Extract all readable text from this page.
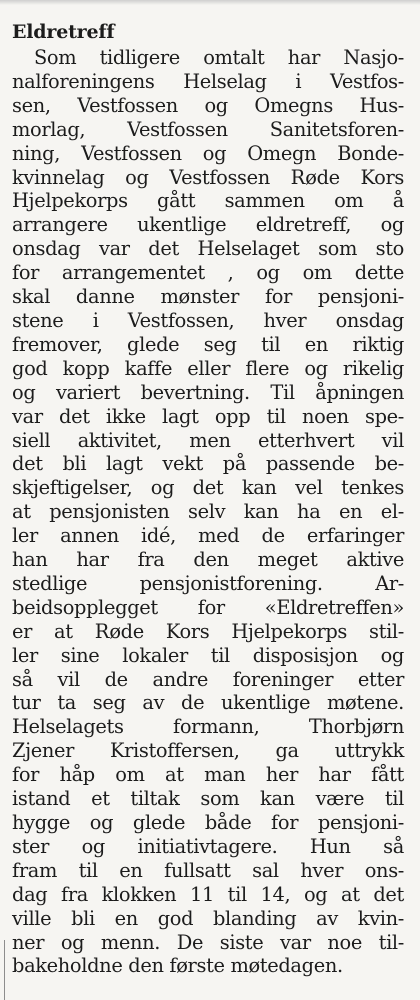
Eldretreff
Som tidligere omtalt har Nasjo-
nalforeningens Helselag i Vestfos-
sen, Vestfossen og Omegns Hus-
morlag, Vestfossen Sanitetsforen-
ning, Vestfossen og Omegn Bonde-
kvinnelag og Vestfossen Røde Kors
Hjelpekorps gått sammen om å
arrangere ukentlige eldretreff, og
onsdag var det Helselaget som sto
for arrangementet , og om dette
skal danne mønster for pensjoni-
stene i Vestfossen, hver onsdag
fremover, glede seg til en riktig
god kopp kaffe eller flere og rikelig
og variert bevertning. Til åpningen
var det ikke lagt opp til noen spe-
siell aktivitet, men etterhvert vil
det bli lagt vekt på passende be-
skjeftigelser, og det kan vel tenkes
at pensjonisten selv kan ha en el-
ler annen idé, med de erfaringer
han har fra den meget aktive
stedlige pensjonistforening. Ar-
beidsopplegget for «Eldretreffen»
er at Røde Kors Hjelpekorps stil-
ler sine lokaler til disposisjon og
så vil de andre foreninger etter
tur ta seg av de ukentlige møtene.
Helselagets formann, Thorbjørn
Zjener Kristoffersen, ga uttrykk
for håp om at man her har fått
istand et tiltak som kan være til
hygge og glede både for pensjoni-
ster og initiativtagere. Hun så
fram til en fullsatt sal hver ons-
dag fra klokken 11 til 14, og at det
ville bli en god blanding av kvin-
ner og menn. De siste var noe til-
bakeholdne den første møtedagen.
